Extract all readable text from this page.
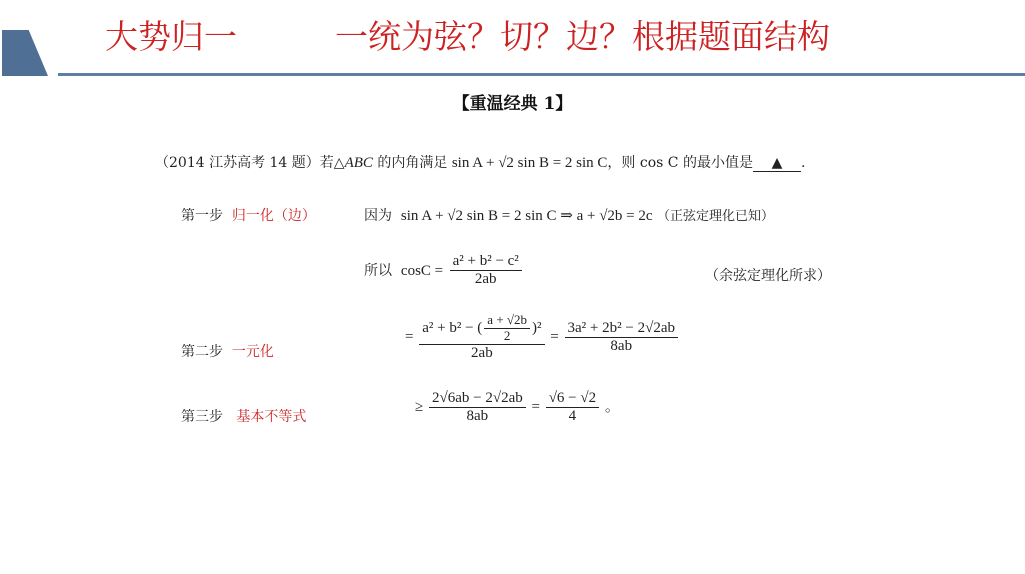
大势归一	一统为弦？切？边？根据题面结构
【重温经典 1】
（2014 江苏高考 14 题）若△ABC 的内角满足 sin A + √2 sin B = 2 sin C，则 cos C 的最小值是 ▲ .
第一步 归一化（边）	因为 sin A + √2 sin B = 2 sin C ⇒ a + √2b = 2c （正弦定理化已知）
所以 $\cos C = \frac{\text{a² + b² − c²}}{2ab}$	（余弦定理化所求）
第二步 一元化
= $\frac{a^2 + b^2 - ( \frac{a + √2b}{2} )^2}{2ab} = \frac{\text{3a² + 2b² − 2√2ab}}{8ab}$
第三步 基本不等式
≥ $\frac{2√6ab - 2√2ab}{8ab} = \frac{√6 - √2}{4}$ 。
